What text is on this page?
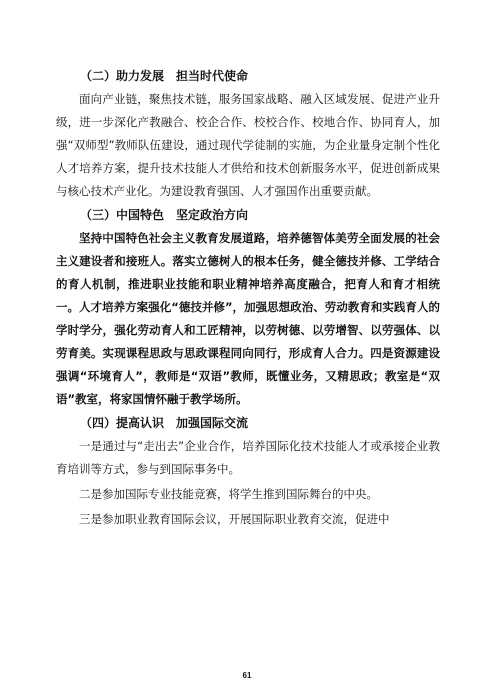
（二）助力发展　担当时代使命
面向产业链，聚焦技术链，服务国家战略、融入区域发展、促进产业升级，进一步深化产教融合、校企合作、校校合作、校地合作、协同育人，加强“双师型”教师队伍建设，通过现代学徒制的实施，为企业量身定制个性化人才培养方案，提升技术技能人才供给和技术创新服务水平，促进创新成果与核心技术产业化。为建设教育强国、人才强国作出重要贡献。
（三）中国特色　坚定政治方向
坚持中国特色社会主义教育发展道路，培养德智体美劳全面发展的社会主义建设者和接班人。落实立德树人的根本任务，健全德技并修、工学结合的育人机制，推进职业技能和职业精神培养高度融合，把育人和育才相统一。人才培养方案强化“德技并修”，加强思想政治、劳动教育和实践育人的学时学分，强化劳动育人和工匠精神，以劳树德、以劳增智、以劳强体、以劳育美。实现课程思政与思政课程同向同行，形成育人合力。四是资源建设强调“环境育人”，教师是“双语”教师，既懂业务，又精思政；教室是“双语”教室，将家国情怀融于教学场所。
（四）提高认识　加强国际交流
一是通过与“走出去”企业合作，培养国际化技术技能人才或承接企业教育培训等方式，参与到国际事务中。
二是参加国际专业技能竞赛，将学生推到国际舞台的中央。
三是参加职业教育国际会议，开展国际职业教育交流，促进中
61
